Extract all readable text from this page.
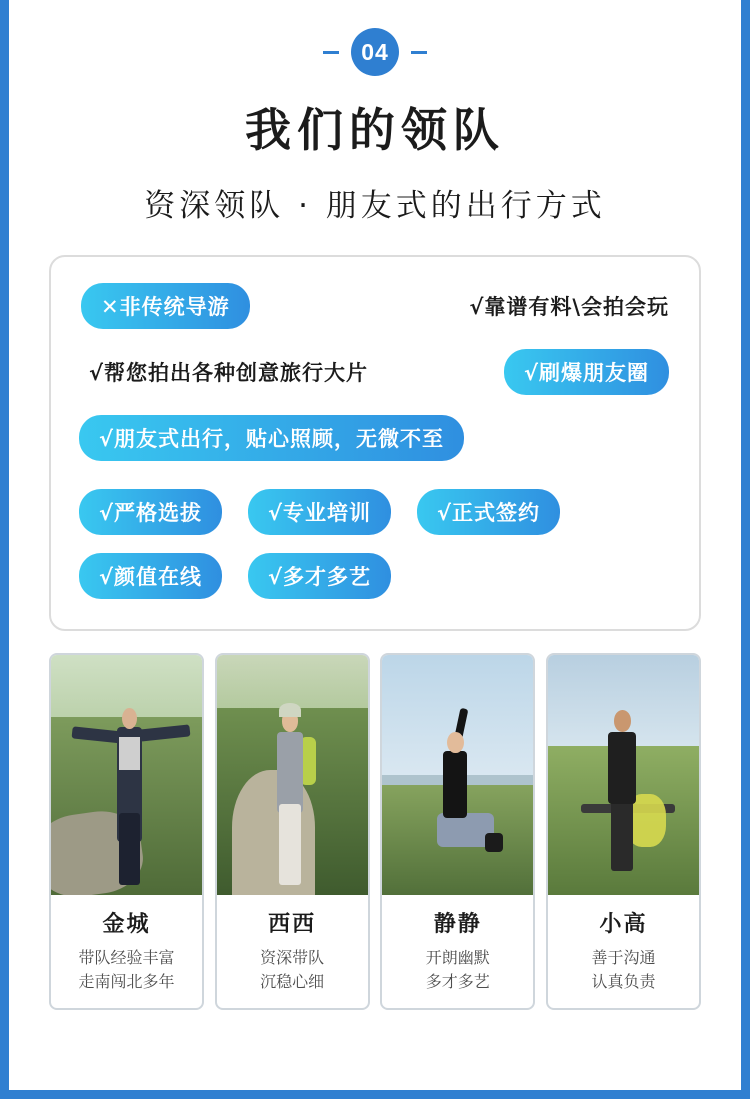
04
我们的领队
资深领队 · 朋友式的出行方式
✕非传统导游	√靠谱有料\会拍会玩
√帮您拍出各种创意旅行大片	√刷爆朋友圈
√朋友式出行，贴心照顾，无微不至
√严格选拔	√专业培训	√正式签约
√颜值在线	√多才多艺
金城
带队经验丰富
走南闯北多年
西西
资深带队
沉稳心细
静静
开朗幽默
多才多艺
小高
善于沟通
认真负责
